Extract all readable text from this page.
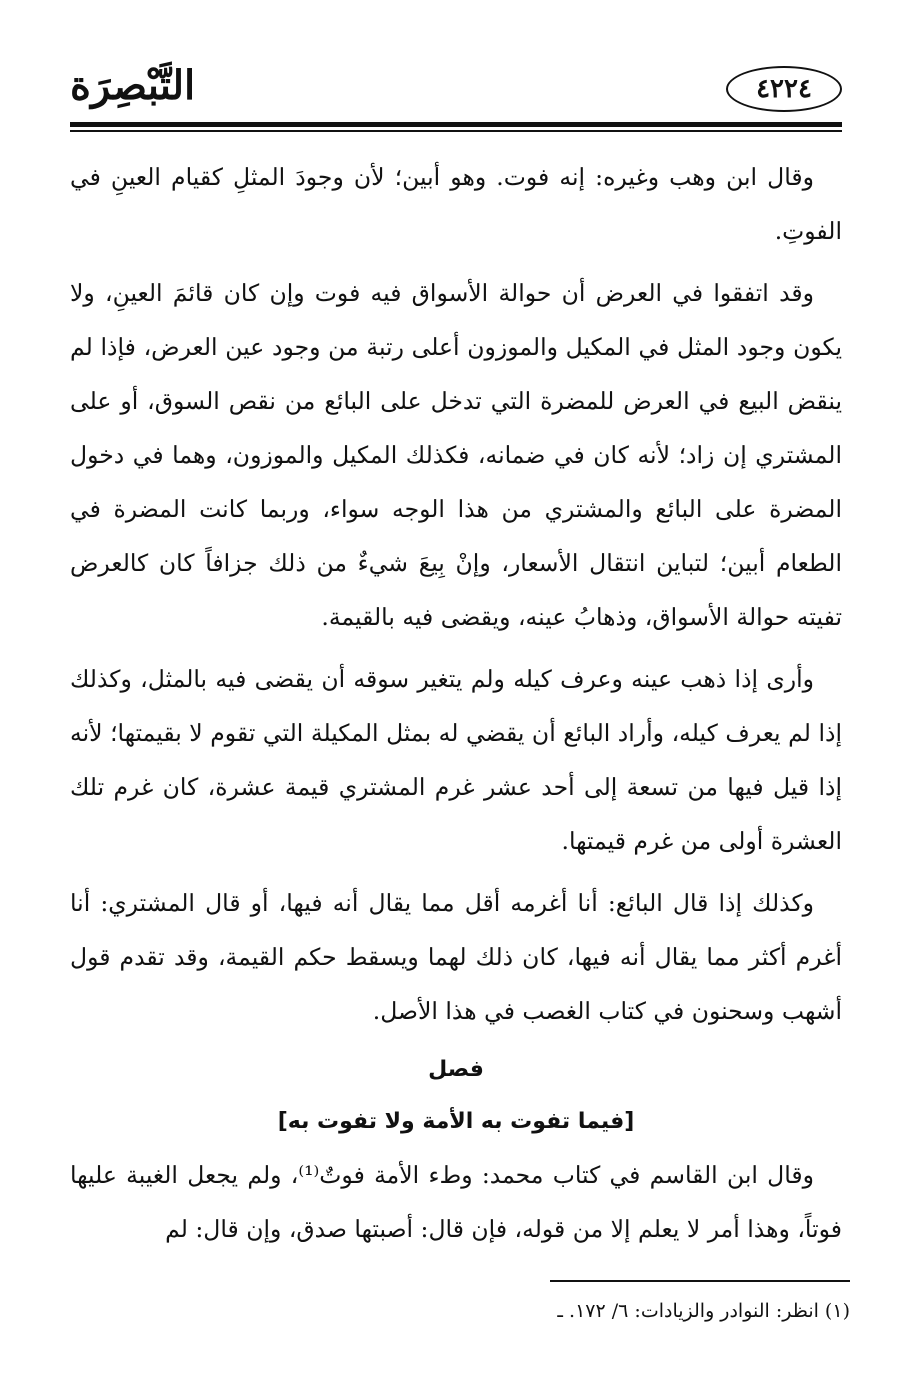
٤٢٢٤
التَّبْصِرَة

وقال ابن وهب وغيره: إنه فوت. وهو أبين؛ لأن وجودَ المثلِ كقيام العينِ في الفوتِ.

وقد اتفقوا في العرض أن حوالة الأسواق فيه فوت وإن كان قائمَ العينِ، ولا يكون وجود المثل في المكيل والموزون أعلى رتبة من وجود عين العرض، فإذا لم ينقض البيع في العرض للمضرة التي تدخل على البائع من نقص السوق، أو على المشتري إن زاد؛ لأنه كان في ضمانه، فكذلك المكيل والموزون، وهما في دخول المضرة على البائع والمشتري من هذا الوجه سواء، وربما كانت المضرة في الطعام أبين؛ لتباين انتقال الأسعار، وإنْ بِيعَ شيءٌ من ذلك جزافاً كان كالعرض تفيته حوالة الأسواق، وذهابُ عينه، ويقضى فيه بالقيمة.

وأرى إذا ذهب عينه وعرف كيله ولم يتغير سوقه أن يقضى فيه بالمثل، وكذلك إذا لم يعرف كيله، وأراد البائع أن يقضي له بمثل المكيلة التي تقوم لا بقيمتها؛ لأنه إذا قيل فيها من تسعة إلى أحد عشر غرم المشتري قيمة عشرة، كان غرم تلك العشرة أولى من غرم قيمتها.

وكذلك إذا قال البائع: أنا أغرمه أقل مما يقال أنه فيها، أو قال المشتري: أنا أغرم أكثر مما يقال أنه فيها، كان ذلك لهما ويسقط حكم القيمة، وقد تقدم قول أشهب وسحنون في كتاب الغصب في هذا الأصل.

فصل
[فيما تفوت به الأمة ولا تفوت به]

وقال ابن القاسم في كتاب محمد: وطء الأمة فوتٌ⁽¹⁾، ولم يجعل الغيبة عليها فوتاً، وهذا أمر لا يعلم إلا من قوله، فإن قال: أصبتها صدق، وإن قال: لم

(١) انظر: النوادر والزيادات: ٦/ ١٧٢. ـ
